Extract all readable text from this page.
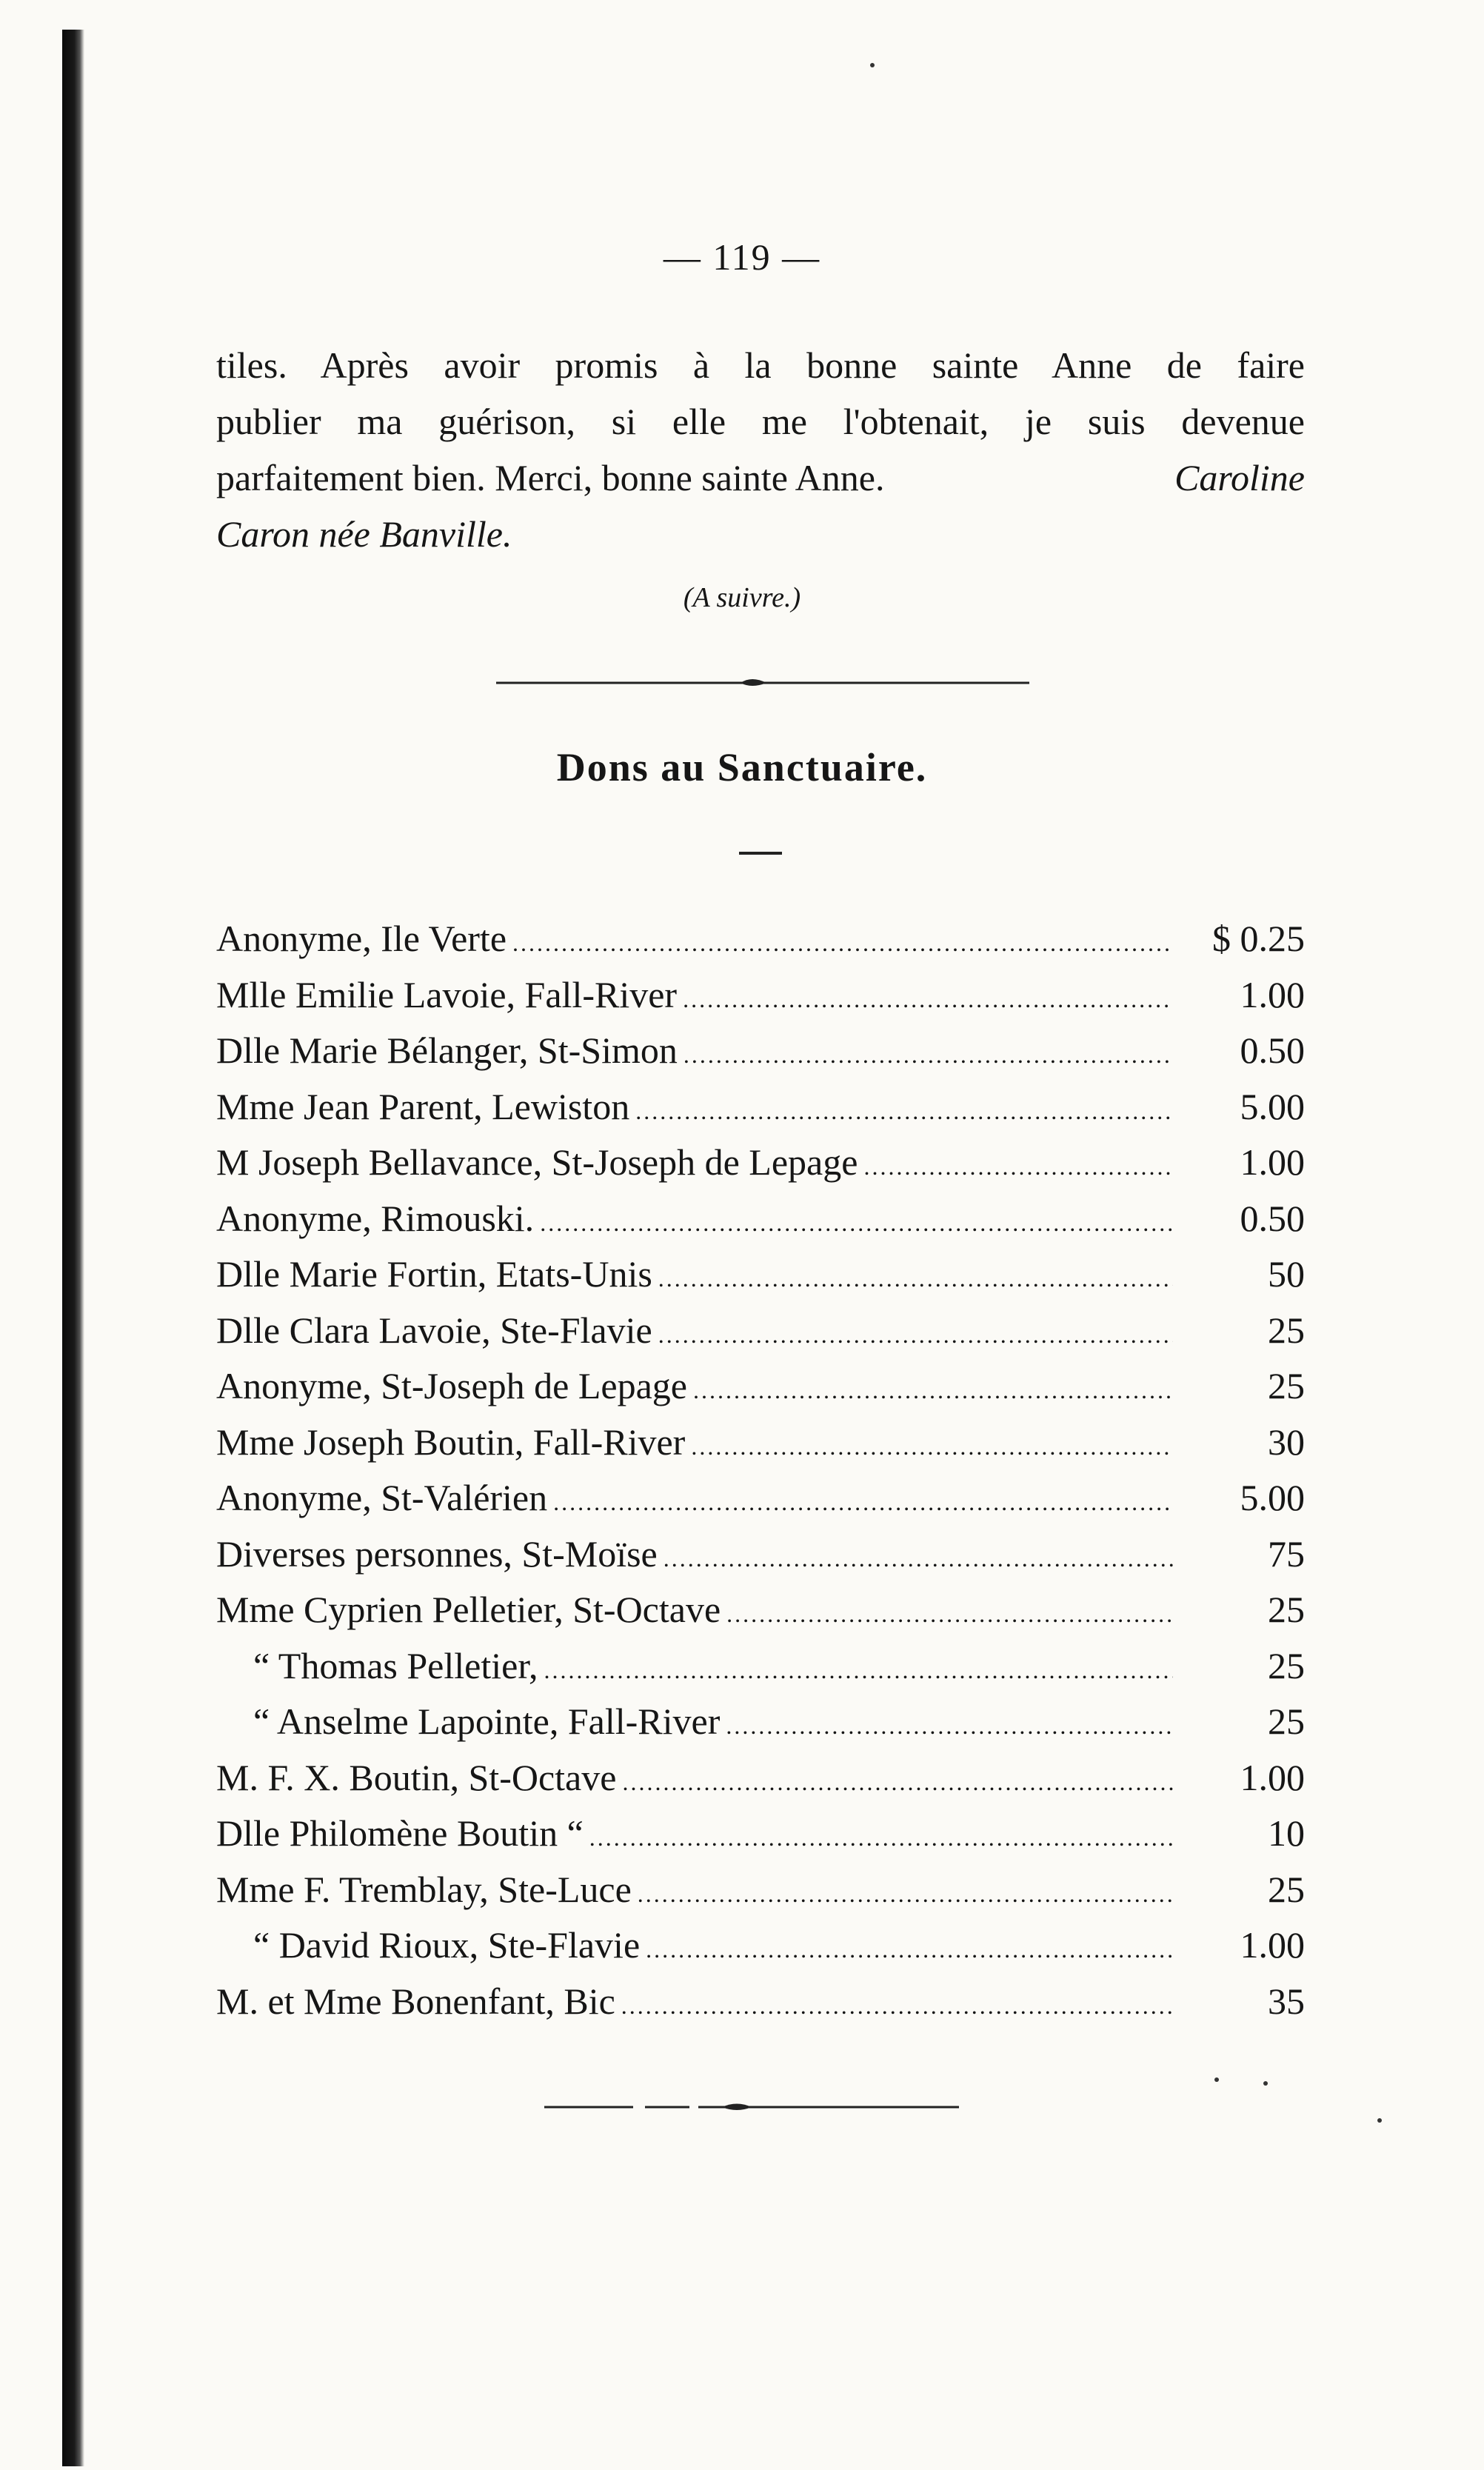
— 119 —
tiles. Après avoir promis à la bonne sainte Anne de faire
publier ma guérison, si elle me l'obtenait, je suis devenue
parfaitement bien. Merci, bonne sainte Anne.	Caroline
Caron née Banville.
(A suivre.)
Dons au Sanctuaire.
Anonyme, Ile Verte .....	$ 0.25
Mlle Emilie Lavoie, Fall-River .....	1.00
Dlle Marie Bélanger, St-Simon .....	0.50
Mme Jean Parent, Lewiston .....	5.00
M Joseph Bellavance, St-Joseph de Lepage .....	1.00
Anonyme, Rimouski. .....	0.50
Dlle Marie Fortin, Etats-Unis .....	50
Dlle Clara Lavoie, Ste-Flavie .....	25
Anonyme, St-Joseph de Lepage .....	25
Mme Joseph Boutin, Fall-River .....	30
Anonyme, St-Valérien .....	5.00
Diverses personnes, St-Moïse .....	75
Mme Cyprien Pelletier, St-Octave .....	25
“ Thomas Pelletier, .....	25
“ Anselme Lapointe, Fall-River .....	25
M. F. X. Boutin, St-Octave .....	1.00
Dlle Philomène Boutin “ .....	10
Mme F. Tremblay, Ste-Luce .....	25
“ David Rioux, Ste-Flavie .....	1.00
M. et Mme Bonenfant, Bic .....	35
